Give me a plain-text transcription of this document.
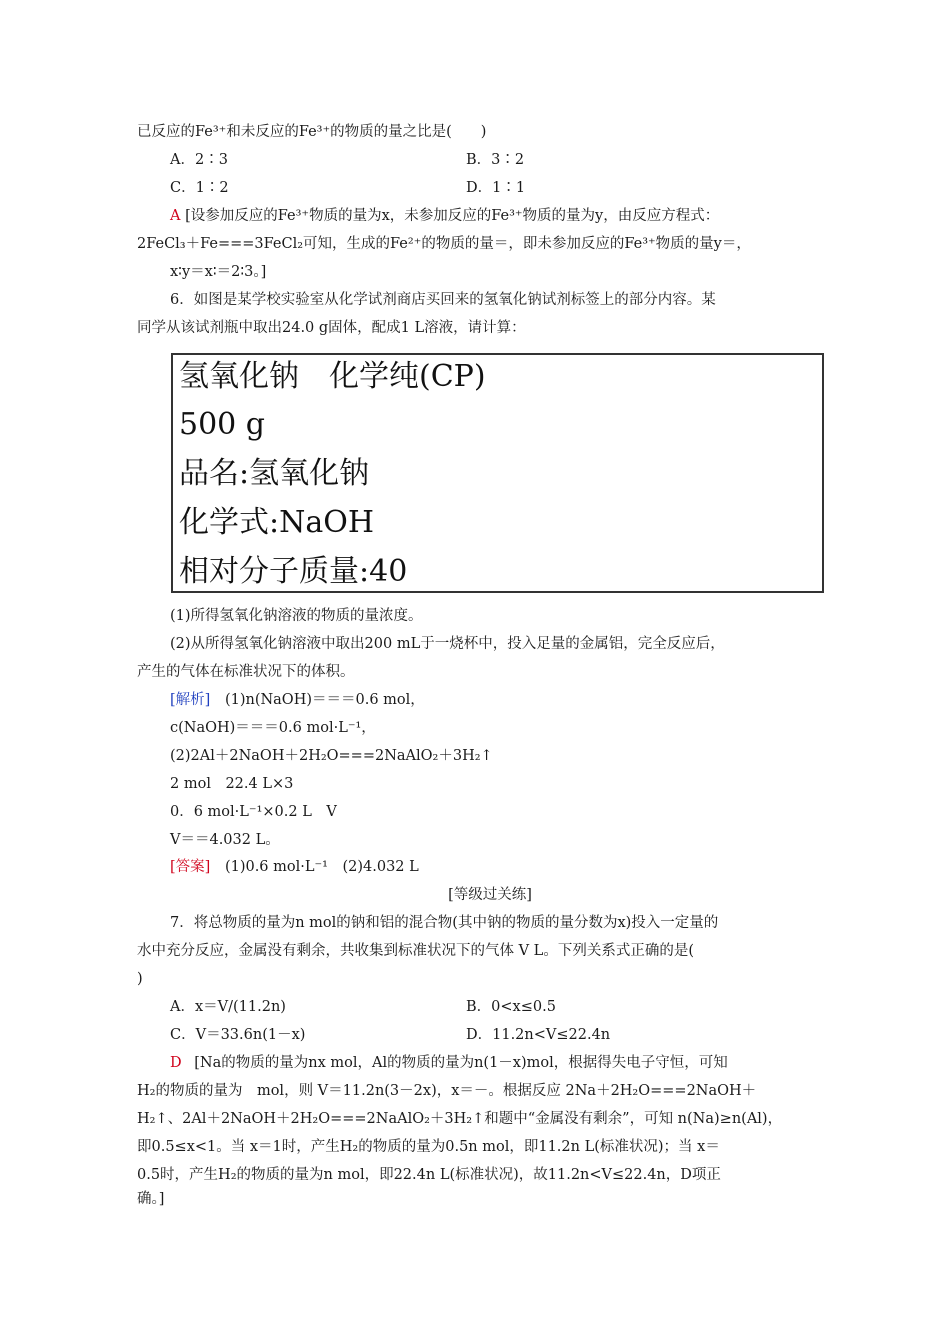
已反应的Fe³⁺和未反应的Fe³⁺的物质的量之比是(　　)
A．2∶3	B．3∶2
C．1∶2	D．1∶1
A [设参加反应的Fe³⁺物质的量为x，未参加反应的Fe³⁺物质的量为y，由反应方程式：
2FeCl₃＋Fe===3FeCl₂可知，生成的Fe²⁺的物质的量＝，即未参加反应的Fe³⁺物质的量y＝，
x∶y＝x∶＝2∶3。]
6．如图是某学校实验室从化学试剂商店买回来的氢氧化钠试剂标签上的部分内容。某
同学从该试剂瓶中取出24.0 g固体，配成1 L溶液，请计算：
氢氧化钠　化学纯(CP)
500 g
品名:氢氧化钠
化学式:NaOH
相对分子质量:40
(1)所得氢氧化钠溶液的物质的量浓度。
(2)从所得氢氧化钠溶液中取出200 mL于一烧杯中，投入足量的金属铝，完全反应后，
产生的气体在标准状况下的体积。
[解析] (1)n(NaOH)＝＝＝0.6 mol，
c(NaOH)＝＝＝0.6 mol·L⁻¹，
(2)2Al＋2NaOH＋2H₂O===2NaAlO₂＋3H₂↑
2 mol　22.4 L×3
0．6 mol·L⁻¹×0.2 L　V
V＝＝4.032 L。
[答案] (1)0.6 mol·L⁻¹　(2)4.032 L
[等级过关练]
7．将总物质的量为n mol的钠和铝的混合物(其中钠的物质的量分数为x)投入一定量的
水中充分反应，金属没有剩余，共收集到标准状况下的气体 V L。下列关系式正确的是(
)
A．x＝V/(11.2n)	B．0<x≤0.5
C．V＝33.6n(1－x)	D．11.2n<V≤22.4n
D [Na的物质的量为nx mol，Al的物质的量为n(1－x)mol，根据得失电子守恒，可知
H₂的物质的量为　mol，则 V＝11.2n(3－2x)，x＝－。根据反应 2Na＋2H₂O===2NaOH＋
H₂↑、2Al＋2NaOH＋2H₂O===2NaAlO₂＋3H₂↑和题中“金属没有剩余”，可知 n(Na)≥n(Al)，
即0.5≤x<1。当 x＝1时，产生H₂的物质的量为0.5n mol，即11.2n L(标准状况)；当 x＝
0.5时，产生H₂的物质的量为n mol，即22.4n L(标准状况)，故11.2n<V≤22.4n，D项正
确。]
